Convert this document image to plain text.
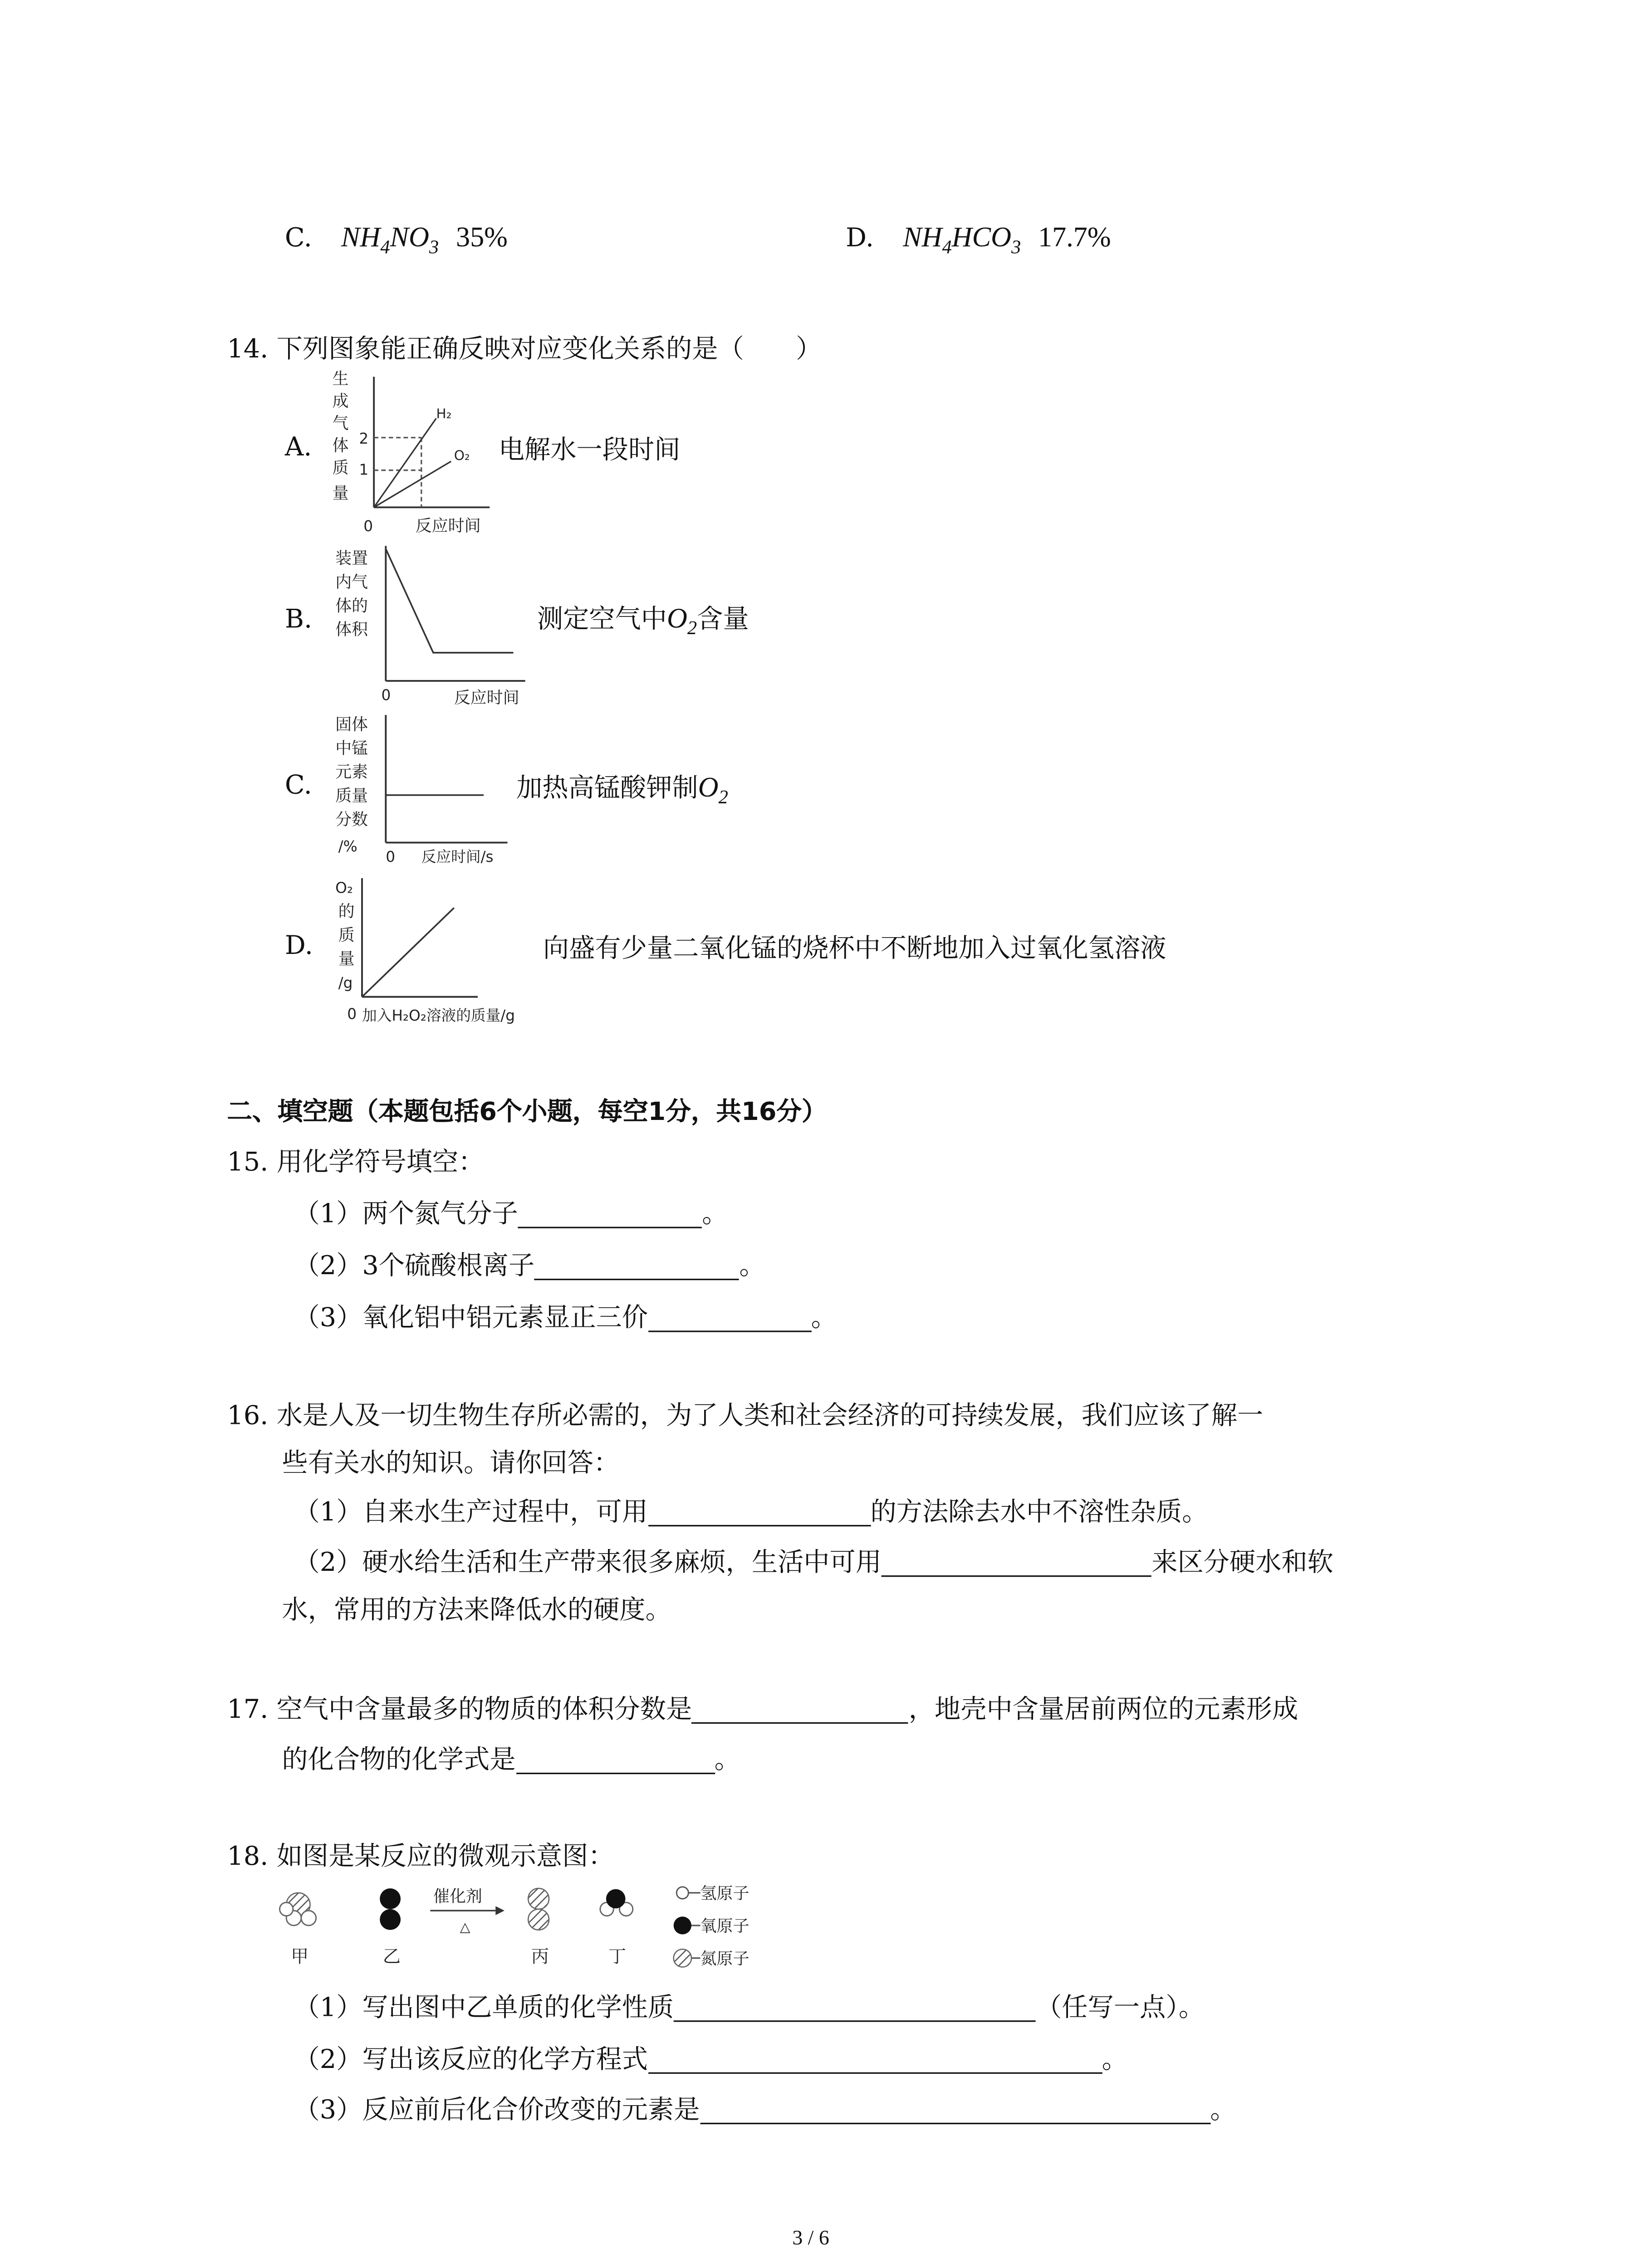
C.	$NH_4NO_3$ 35%	D.	$NH_4HCO_3$ 17.7%
14. 下列图象能正确反映对应变化关系的是（　　）
A.
生
成
气
体
质
量
2
1
H₂
O₂
0	反应时间
电解水一段时间
B.
装置
内气
体的
体积
0	反应时间
测定空气中$O_2$含量
C.
固体
中锰
元素
质量
分数
/%
0	反应时间/s
加热高锰酸钾制$O_2$
D.
O₂
的
质
量
/g
0 加入H₂O₂溶液的质量/g
向盛有少量二氧化锰的烧杯中不断地加入过氧化氢溶液
二、填空题（本题包括6个小题，每空1分，共16分）
15. 用化学符号填空：
（1）两个氮气分子	。
（2）3个硫酸根离子	。
（3）氧化铝中铝元素显正三价	。
16. 水是人及一切生物生存所必需的，为了人类和社会经济的可持续发展，我们应该了解一
些有关水的知识。请你回答：
（1）自来水生产过程中，可用	的方法除去水中不溶性杂质。
（2）硬水给生活和生产带来很多麻烦，生活中可用	来区分硬水和软
水，常用的方法来降低水的硬度。
17. 空气中含量最多的物质的体积分数是	，地壳中含量居前两位的元素形成
的化合物的化学式是	。
18. 如图是某反应的微观示意图：
甲	乙
催化剂
△
丙	丁
氢原子
氧原子
氮原子
（1）写出图中乙单质的化学性质	（任写一点）。
（2）写出该反应的化学方程式	。
（3）反应前后化合价改变的元素是	。
3 / 6
